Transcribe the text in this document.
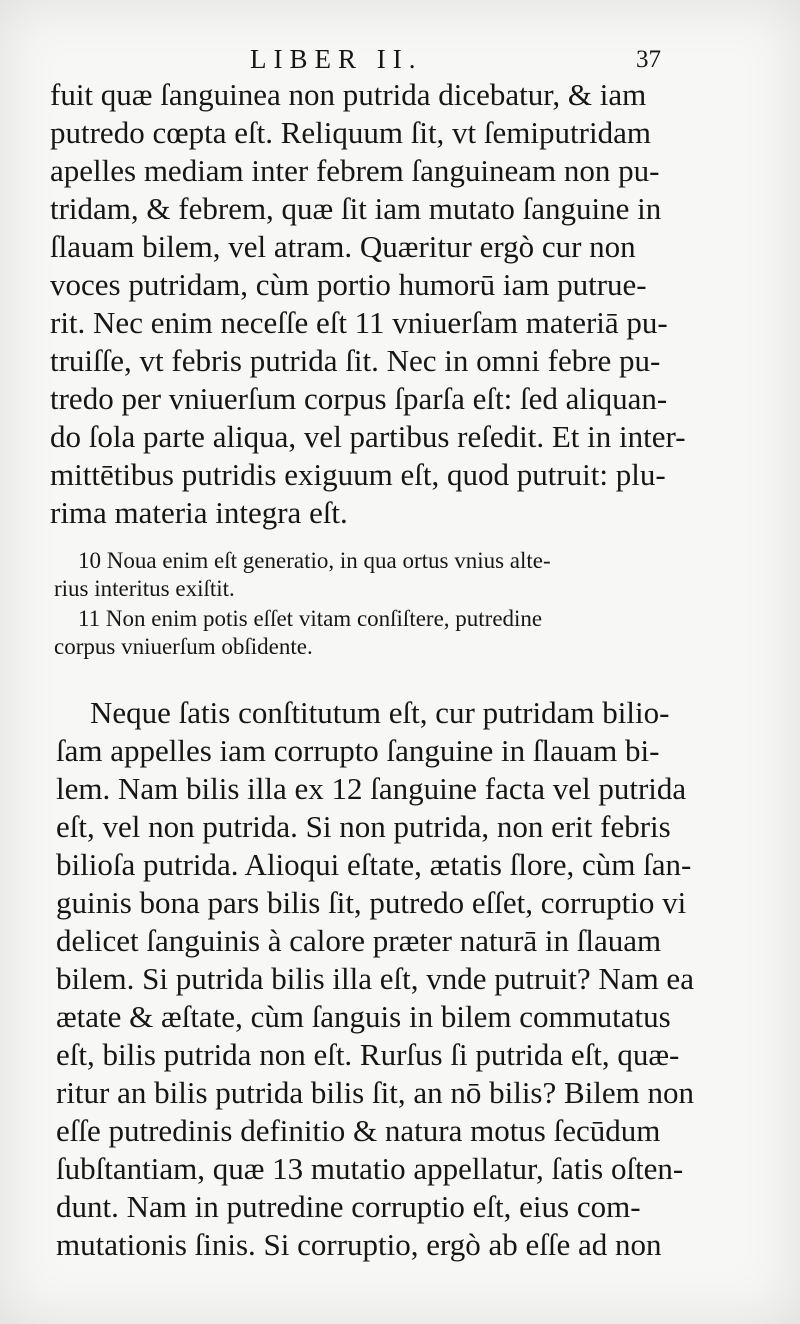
LIBER II.	37
fuit quæ ſanguinea non putrida dicebatur, & iam
putredo cœpta eſt. Reliquum ſit, vt ſemiputridam
apelles mediam inter febrem ſanguineam non pu-
tridam, & febrem, quæ ſit iam mutato ſanguine in
ſlauam bilem, vel atram. Quæritur ergò cur non
voces putridam, cùm portio humorū iam putrue-
rit. Nec enim neceſſe eſt 11 vniuerſam materiā pu-
truiſſe, vt febris putrida ſit. Nec in omni febre pu-
tredo per vniuerſum corpus ſparſa eſt: ſed aliquan-
do ſola parte aliqua, vel partibus reſedit. Et in inter-
mittētibus putridis exiguum eſt, quod putruit: plu-
rima materia integra eſt.
10 Noua enim eſt generatio, in qua ortus vnius alte-
rius interitus exiſtit.
11 Non enim potis eſſet vitam conſiſtere, putredine
corpus vniuerſum obſidente.
Neque ſatis conſtitutum eſt, cur putridam bilio-
ſam appelles iam corrupto ſanguine in ſlauam bi-
lem. Nam bilis illa ex 12 ſanguine facta vel putrida
eſt, vel non putrida. Si non putrida, non erit febris
bilioſa putrida. Alioqui eſtate, ætatis ſlore, cùm ſan-
guinis bona pars bilis ſit, putredo eſſet, corruptio vi
delicet ſanguinis à calore præter naturā in ſlauam
bilem. Si putrida bilis illa eſt, vnde putruit? Nam ea
ætate & æſtate, cùm ſanguis in bilem commutatus
eſt, bilis putrida non eſt. Rurſus ſi putrida eſt, quæ-
ritur an bilis putrida bilis ſit, an nō bilis? Bilem non
eſſe putredinis definitio & natura motus ſecūdum
ſubſtantiam, quæ 13 mutatio appellatur, ſatis oſten-
dunt. Nam in putredine corruptio eſt, eius com-
mutationis ſinis. Si corruptio, ergò ab eſſe ad non
